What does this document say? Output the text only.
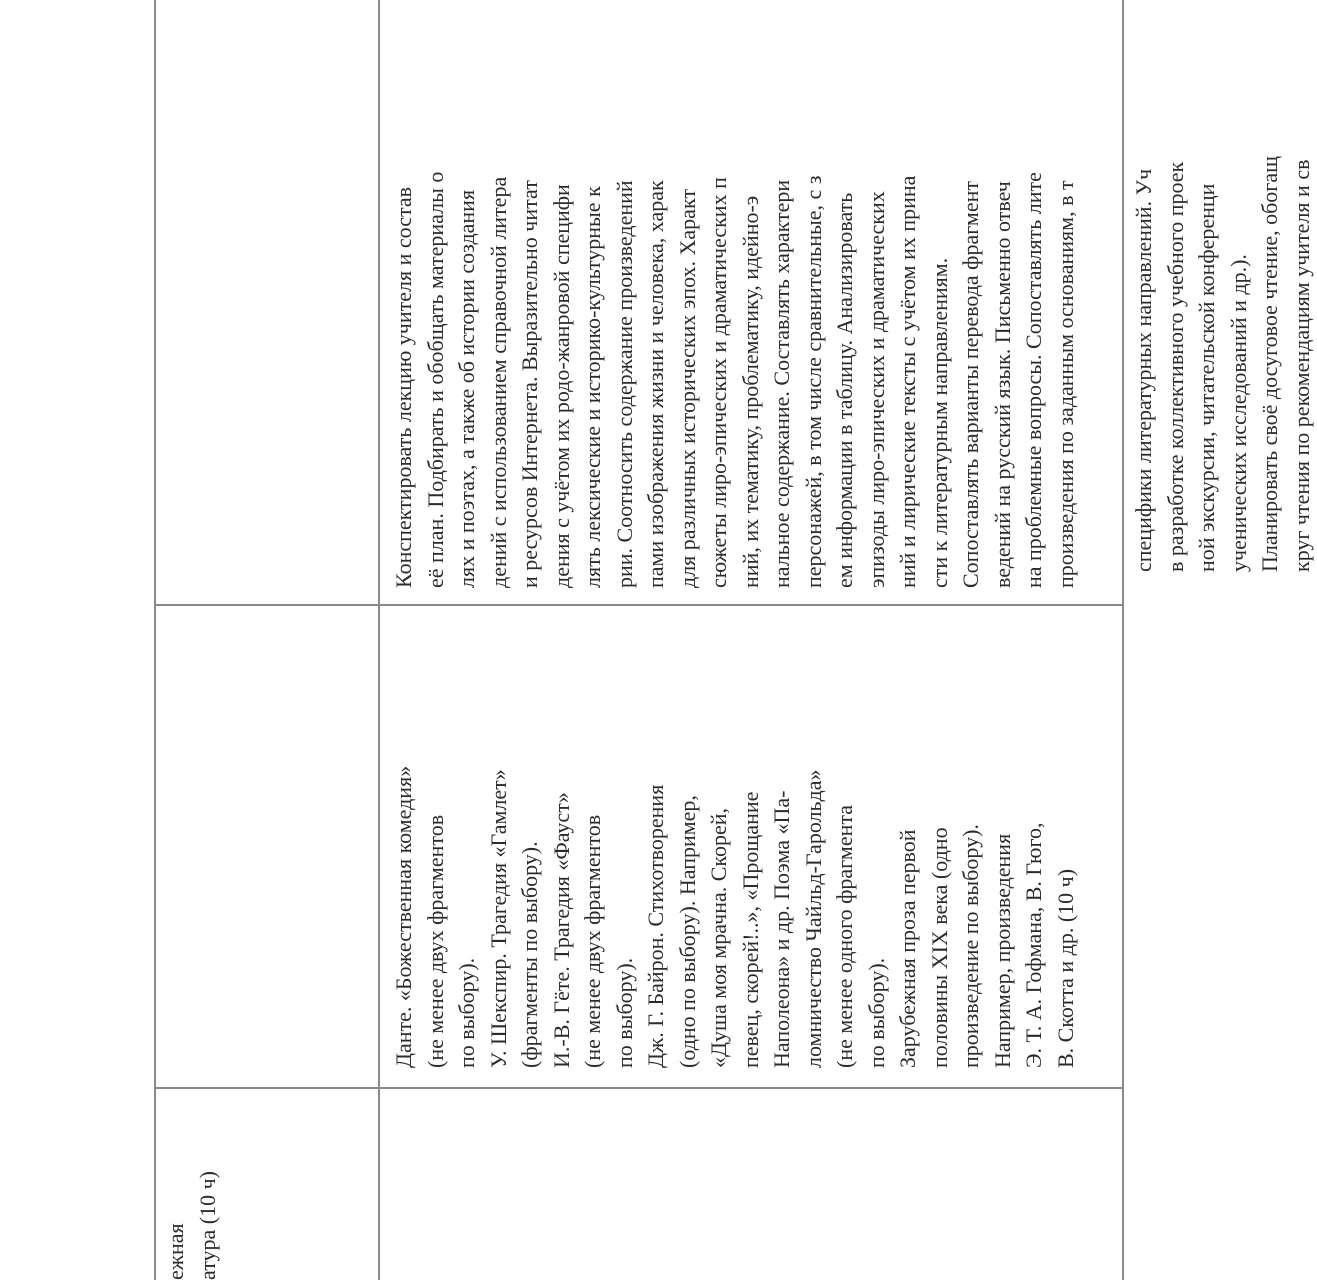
специфики литературных направлений. Уч в разработке коллективного учебного проек ной экскурсии, читательской конференци ученических исследований и др.). Планировать своё досуговое чтение, обогащ круг чтения по рекомендациям учителя и св
ежная атура (10 ч)
Данте. «Божественная комедия» (не менее двух фрагментов по выбору). У. Шекспир. Трагедия «Гамлет» (фрагменты по выбору). И.-В. Гёте. Трагедия «Фауст» (не менее двух фрагментов по выбору). Дж. Г. Байрон. Стихотворения (одно по выбору). Например, «Душа моя мрачна. Скорей, певец, скорей!..», «Прощание Наполеона» и др. Поэма «Па- ломничество Чайльд-Гарольда» (не менее одного фрагмента по выбору). Зарубежная проза первой половины XIX века (одно произведение по выбору). Например, произведения Э. Т. А. Гофмана, В. Гюго, В. Скотта и др. (10 ч)
Конспектировать лекцию учителя и состав её план. Подбирать и обобщать материалы о лях и поэтах, а также об истории создания дений с использованием справочной литера и ресурсов Интернета. Выразительно читат дения с учётом их родо-жанровой специфи лять лексические и историко-культурные к рии. Соотносить содержание произведений пами изображения жизни и человека, харак для различных исторических эпох. Характ сюжеты лиро-эпических и драматических п ний, их тематику, проблематику, идейно-э нальное содержание. Составлять характери персонажей, в том числе сравнительные, с з ем информации в таблицу. Анализировать эпизоды лиро-эпических и драматических ний и лирические тексты с учётом их прина сти к литературным направлениям. Сопоставлять варианты перевода фрагмент ведений на русский язык. Письменно отвеч на проблемные вопросы. Сопоставлять лите произведения по заданным основаниям, в т
